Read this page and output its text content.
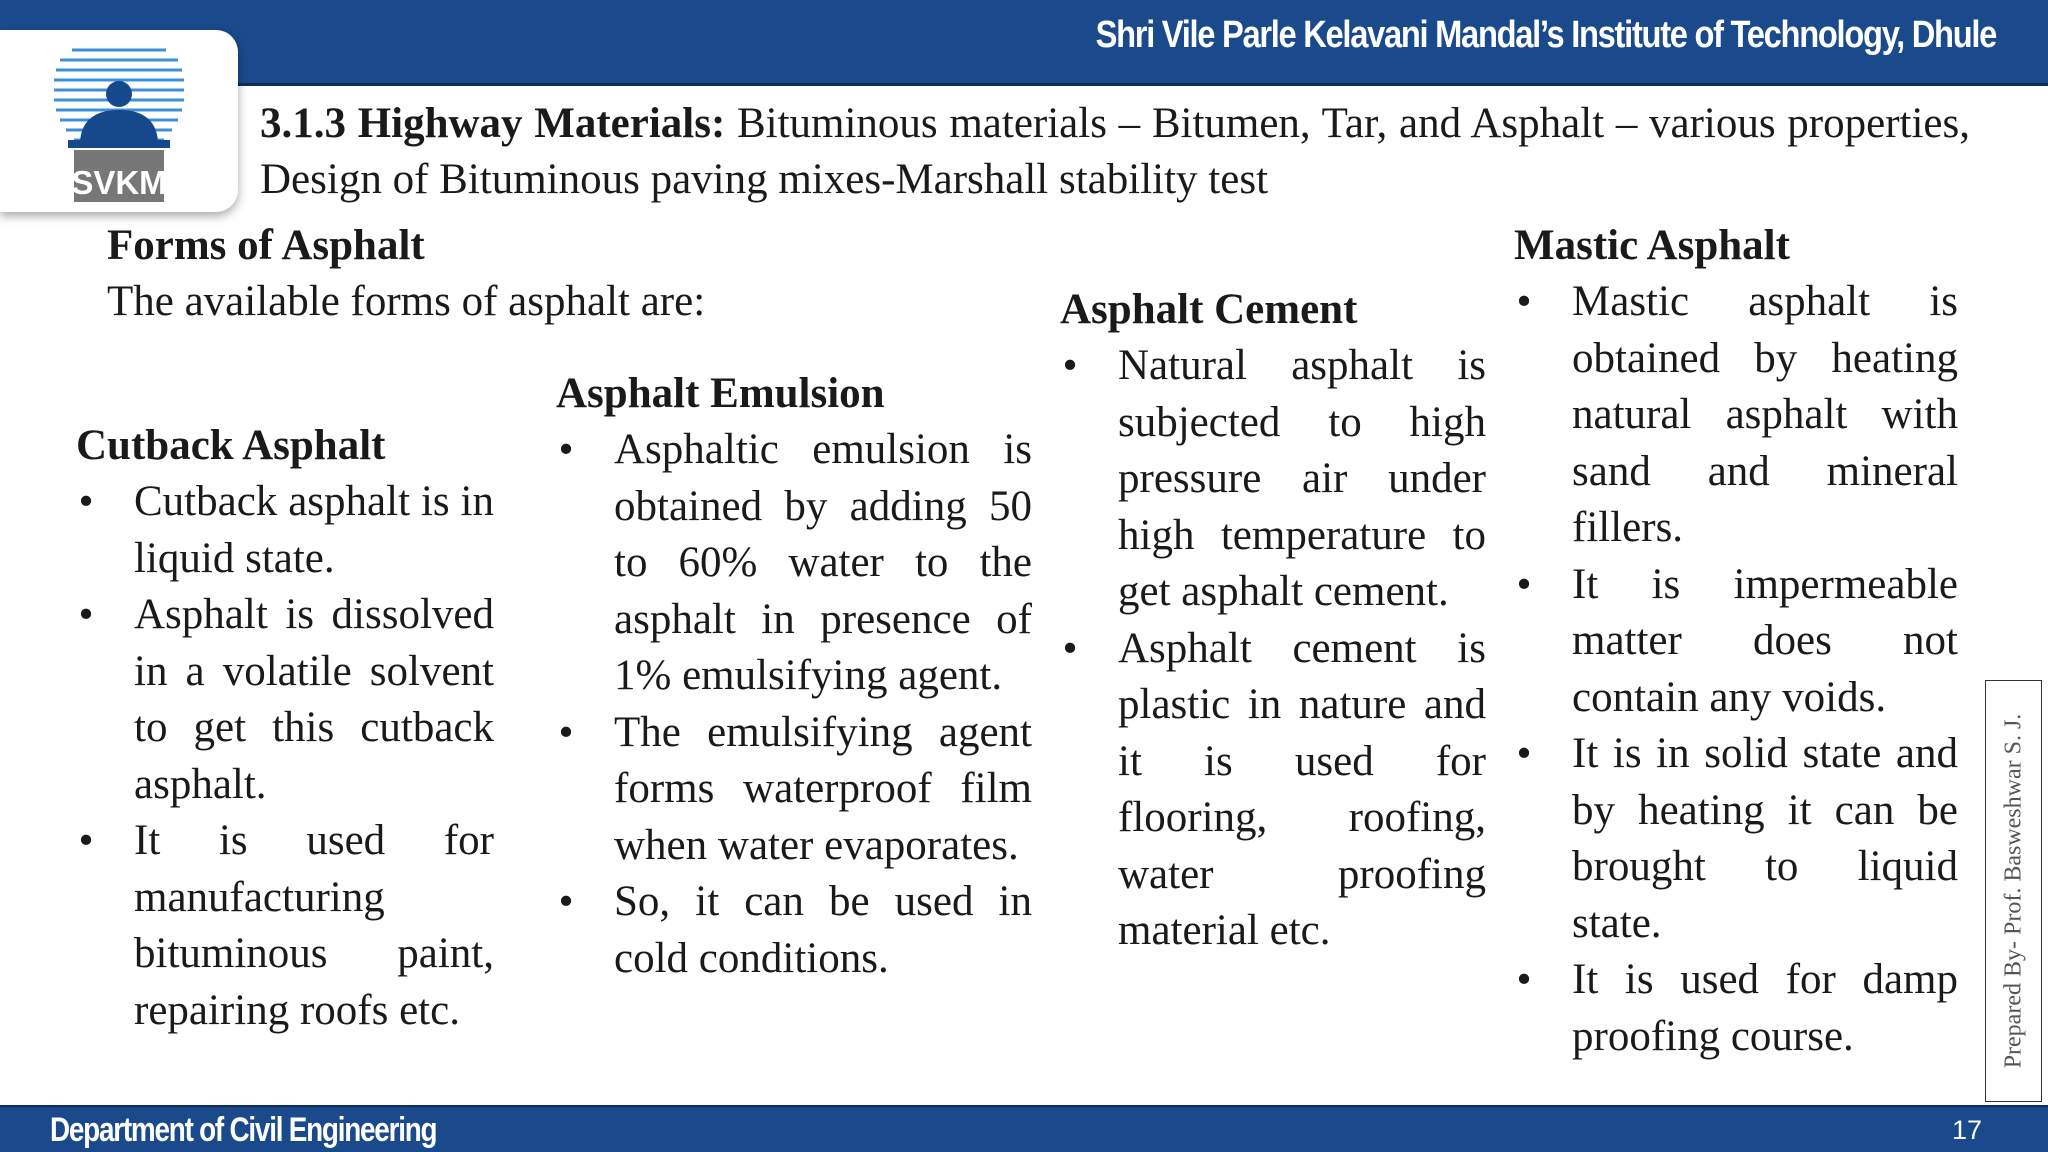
Shri Vile Parle Kelavani Mandal’s Institute of Technology, Dhule
SVKM
3.1.3 Highway Materials: Bituminous materials – Bitumen, Tar, and Asphalt – various properties, Design of Bituminous paving mixes-Marshall stability test
Forms of Asphalt
The available forms of asphalt are:
Cutback Asphalt
• Cutback asphalt is in liquid state.
• Asphalt is dissolved in a volatile solvent to get this cutback asphalt.
• It is used for manufacturing bituminous paint, repairing roofs etc.
Asphalt Emulsion
• Asphaltic emulsion is obtained by adding 50 to 60% water to the asphalt in presence of 1% emulsifying agent.
• The emulsifying agent forms waterproof film when water evaporates.
• So, it can be used in cold conditions.
Asphalt Cement
• Natural asphalt is subjected to high pressure air under high temperature to get asphalt cement.
• Asphalt cement is plastic in nature and it is used for flooring, roofing, water proofing material etc.
Mastic Asphalt
• Mastic asphalt is obtained by heating natural asphalt with sand and mineral fillers.
• It is impermeable matter does not contain any voids.
• It is in solid state and by heating it can be brought to liquid state.
• It is used for damp proofing course.	Prepared By- Prof. Basweshwar S. J.
Department of Civil Engineering	17
